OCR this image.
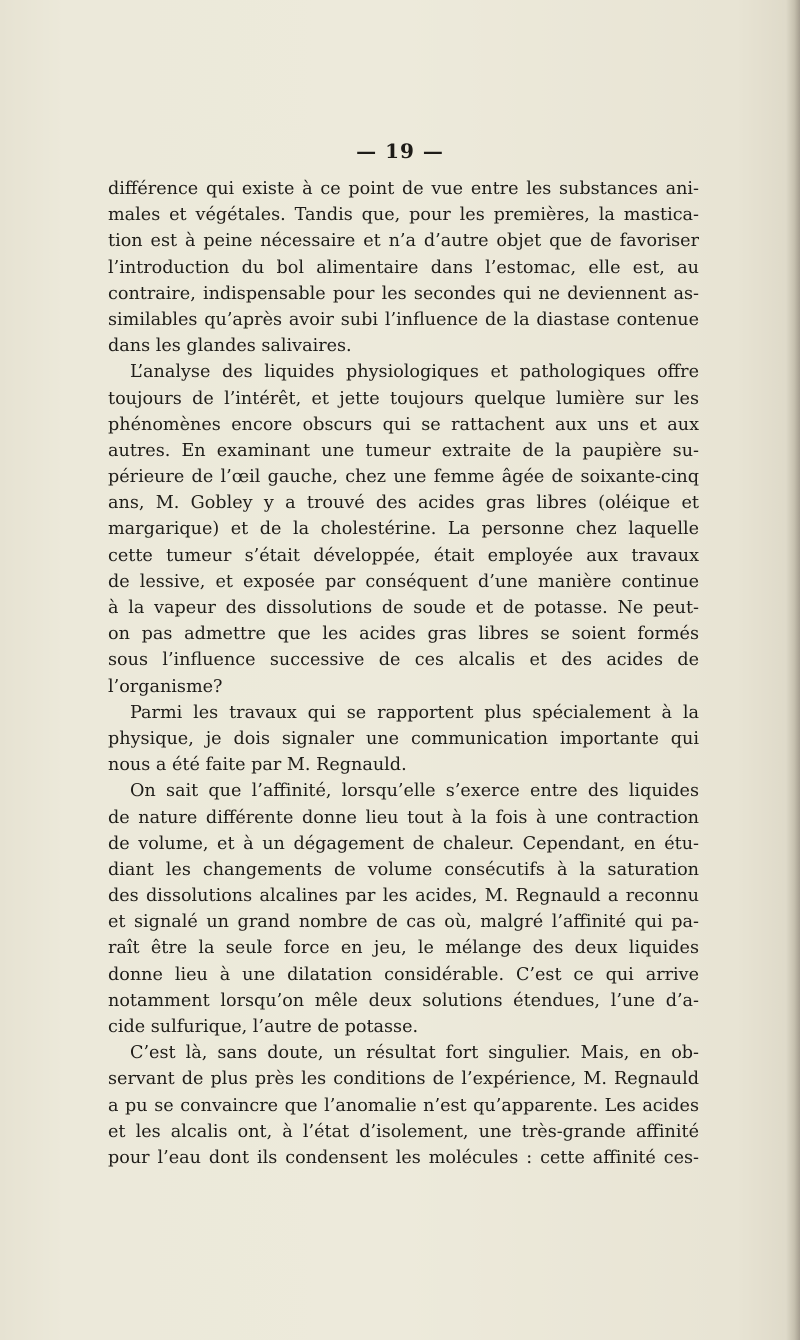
— 19 —
différence qui existe à ce point de vue entre les substances ani-
males et végétales. Tandis que, pour les premières, la mastica-
tion est à peine nécessaire et n’a d’autre objet que de favoriser
l’introduction du bol alimentaire dans l’estomac, elle est, au
contraire, indispensable pour les secondes qui ne deviennent as-
similables qu’après avoir subi l’influence de la diastase contenue
dans les glandes salivaires.
L’analyse des liquides physiologiques et pathologiques offre
toujours de l’intérêt, et jette toujours quelque lumière sur les
phénomènes encore obscurs qui se rattachent aux uns et aux
autres. En examinant une tumeur extraite de la paupière su-
périeure de l’œil gauche, chez une femme âgée de soixante-cinq
ans, M. Gobley y a trouvé des acides gras libres (oléique et
margarique) et de la cholestérine. La personne chez laquelle
cette tumeur s’était développée, était employée aux travaux
de lessive, et exposée par conséquent d’une manière continue
à la vapeur des dissolutions de soude et de potasse. Ne peut-
on pas admettre que les acides gras libres se soient formés
sous l’influence successive de ces alcalis et des acides de
l’organisme?
Parmi les travaux qui se rapportent plus spécialement à la
physique, je dois signaler une communication importante qui
nous a été faite par M. Regnauld.
On sait que l’affinité, lorsqu’elle s’exerce entre des liquides
de nature différente donne lieu tout à la fois à une contraction
de volume, et à un dégagement de chaleur. Cependant, en étu-
diant les changements de volume consécutifs à la saturation
des dissolutions alcalines par les acides, M. Regnauld a reconnu
et signalé un grand nombre de cas où, malgré l’affinité qui pa-
raît être la seule force en jeu, le mélange des deux liquides
donne lieu à une dilatation considérable. C’est ce qui arrive
notamment lorsqu’on mêle deux solutions étendues, l’une d’a-
cide sulfurique, l’autre de potasse.
C’est là, sans doute, un résultat fort singulier. Mais, en ob-
servant de plus près les conditions de l’expérience, M. Regnauld
a pu se convaincre que l’anomalie n’est qu’apparente. Les acides
et les alcalis ont, à l’état d’isolement, une très-grande affinité
pour l’eau dont ils condensent les molécules : cette affinité ces-
